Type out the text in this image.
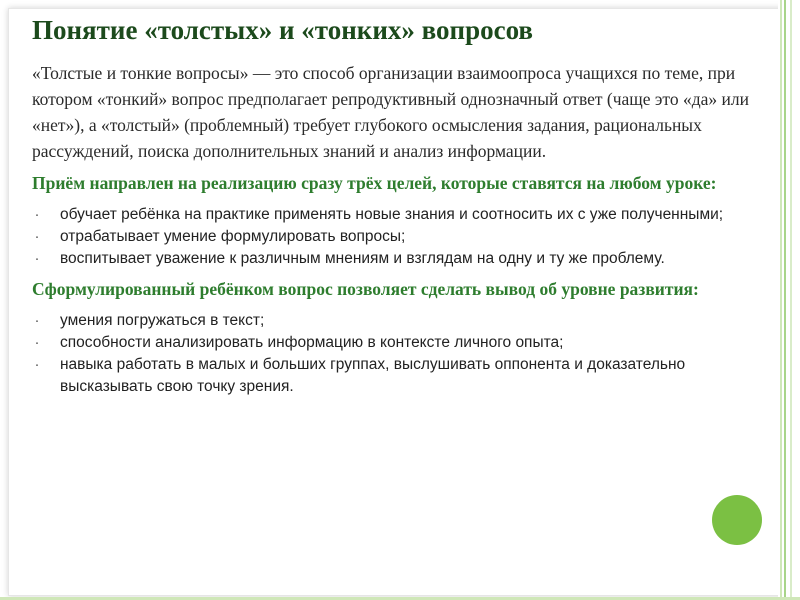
Понятие «толстых» и «тонких» вопросов

«Толстые и тонкие вопросы» — это способ организации взаимоопроса учащихся по теме, при котором «тонкий» вопрос предполагает репродуктивный однозначный ответ (чаще это «да» или «нет»), а «толстый» (проблемный) требует глубокого осмысления задания, рациональных рассуждений, поиска дополнительных знаний и анализ информации.

Приём направлен на реализацию сразу трёх целей, которые ставятся на любом уроке:
· обучает ребёнка на практике применять новые знания и соотносить их с уже полученными;
· отрабатывает умение формулировать вопросы;
· воспитывает уважение к различным мнениям и взглядам на одну и ту же проблему.
Сформулированный ребёнком вопрос позволяет сделать вывод об уровне развития:
· умения погружаться в текст;
· способности анализировать информацию в контексте личного опыта;
· навыка работать в малых и больших группах, выслушивать оппонента и доказательно высказывать свою точку зрения.
